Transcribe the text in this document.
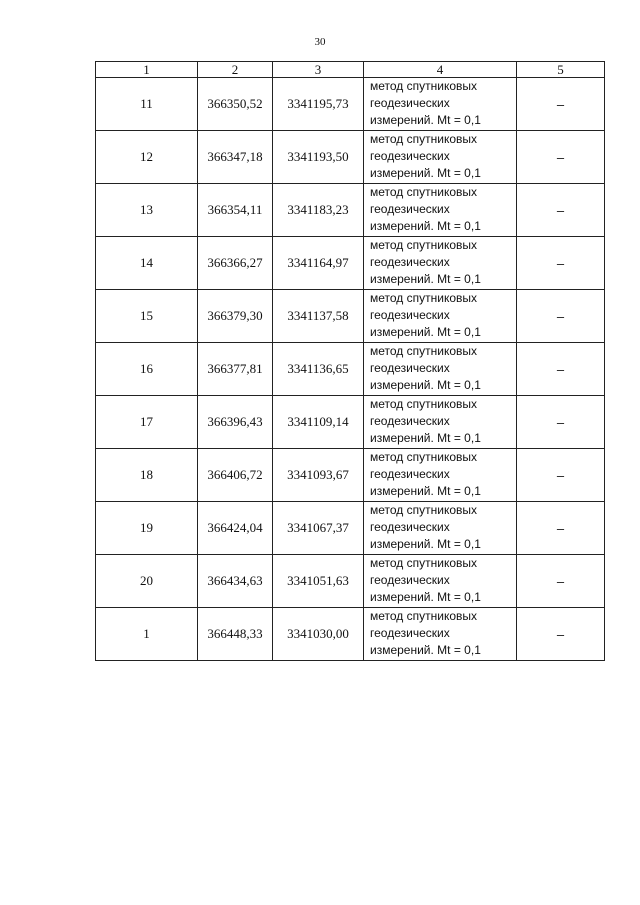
30
1	2	3	4	5
11	366350,52	3341195,73	метод спутниковых
геодезических
измерений. Mt = 0,1	–
12	366347,18	3341193,50	метод спутниковых
геодезических
измерений. Mt = 0,1	–
13	366354,11	3341183,23	метод спутниковых
геодезических
измерений. Mt = 0,1	–
14	366366,27	3341164,97	метод спутниковых
геодезических
измерений. Mt = 0,1	–
15	366379,30	3341137,58	метод спутниковых
геодезических
измерений. Mt = 0,1	–
16	366377,81	3341136,65	метод спутниковых
геодезических
измерений. Mt = 0,1	–
17	366396,43	3341109,14	метод спутниковых
геодезических
измерений. Mt = 0,1	–
18	366406,72	3341093,67	метод спутниковых
геодезических
измерений. Mt = 0,1	–
19	366424,04	3341067,37	метод спутниковых
геодезических
измерений. Mt = 0,1	–
20	366434,63	3341051,63	метод спутниковых
геодезических
измерений. Mt = 0,1	–
1	366448,33	3341030,00	метод спутниковых
геодезических
измерений. Mt = 0,1	–
